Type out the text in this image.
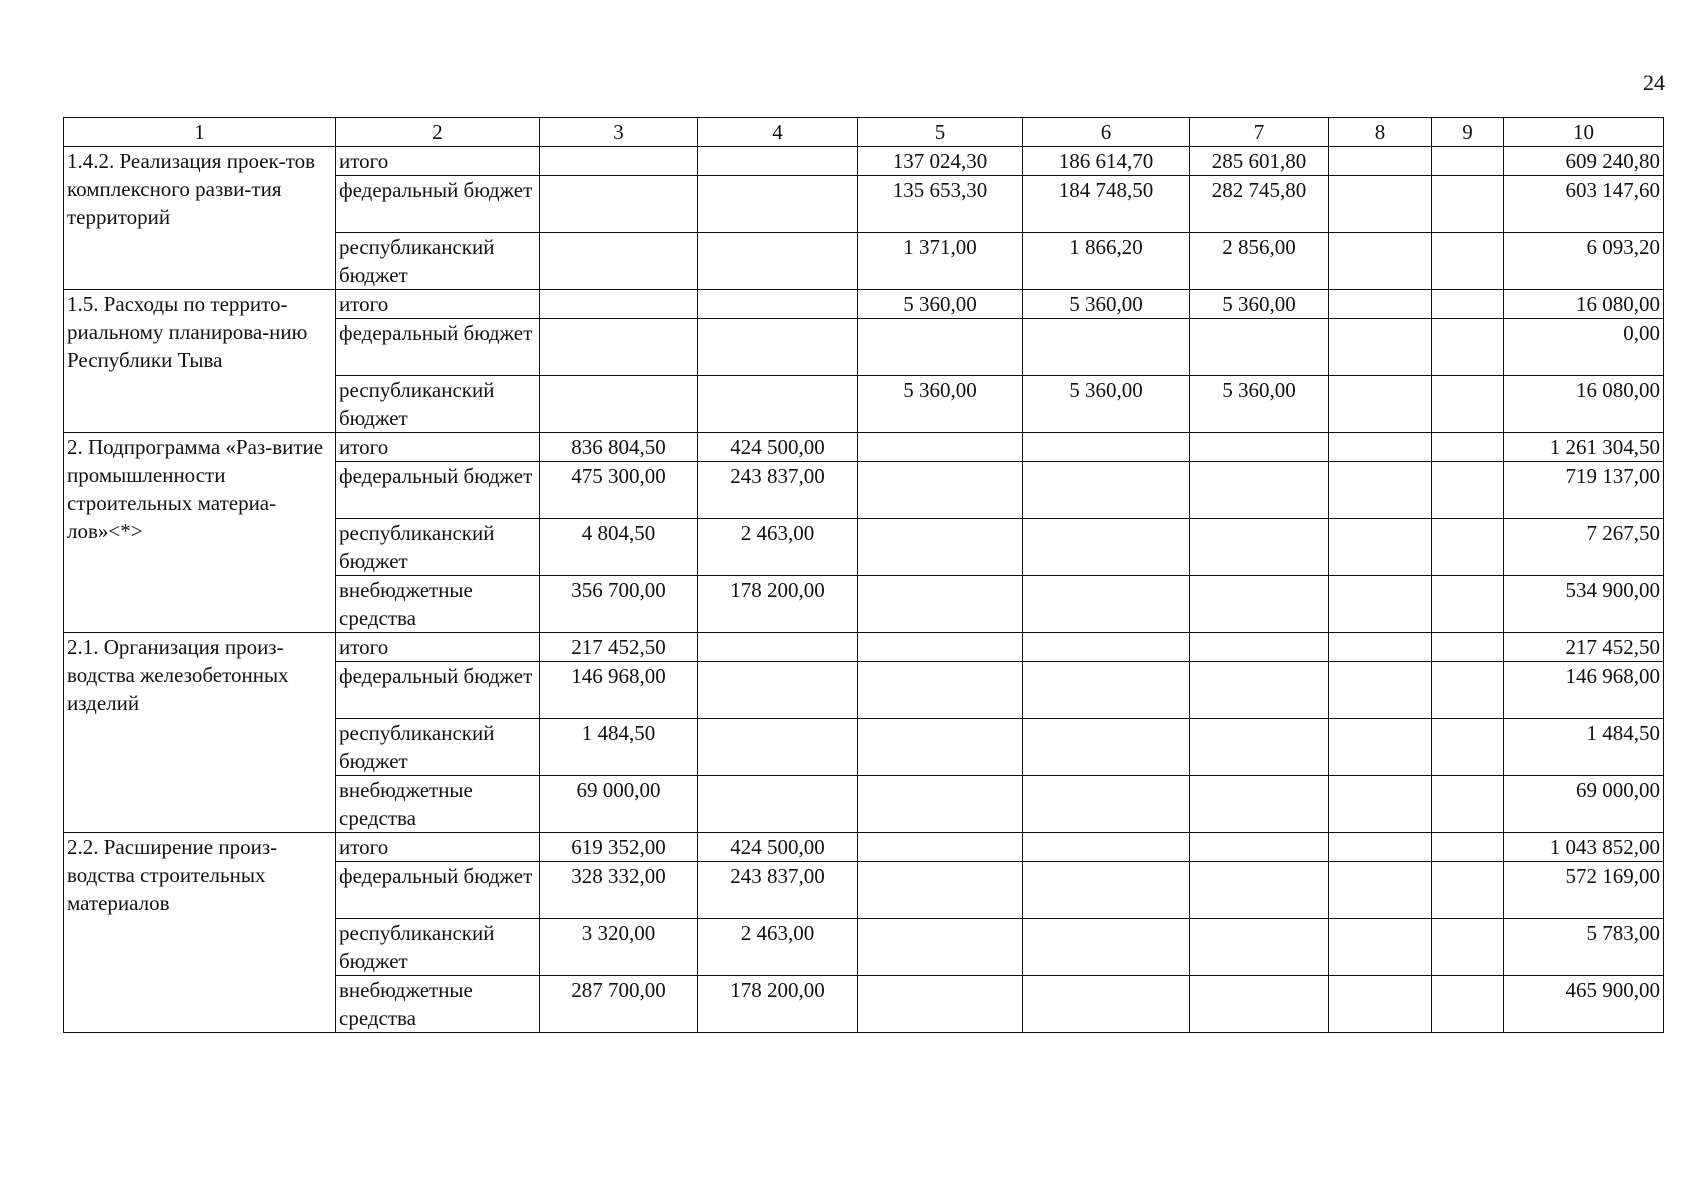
24
1	2	3	4	5	6	7	8	9	10
1.4.2. Реализация проек-тов комплексного разви-тия территорий	итого			137 024,30	186 614,70	285 601,80			609 240,80
	федеральный бюджет			135 653,30	184 748,50	282 745,80			603 147,60
	республиканский бюджет			1 371,00	1 866,20	2 856,00			6 093,20
1.5. Расходы по террито-риальному планирова-нию Республики Тыва	итого			5 360,00	5 360,00	5 360,00			16 080,00
	федеральный бюджет								0,00
	республиканский бюджет			5 360,00	5 360,00	5 360,00			16 080,00
2. Подпрограмма «Раз-витие промышленности строительных материа-лов»<*>	итого	836 804,50	424 500,00						1 261 304,50
	федеральный бюджет	475 300,00	243 837,00						719 137,00
	республиканский бюджет	4 804,50	2 463,00						7 267,50
	внебюджетные средства	356 700,00	178 200,00						534 900,00
2.1. Организация произ-водства железобетонных изделий	итого	217 452,50							217 452,50
	федеральный бюджет	146 968,00							146 968,00
	республиканский бюджет	1 484,50							1 484,50
	внебюджетные средства	69 000,00							69 000,00
2.2. Расширение произ-водства строительных материалов	итого	619 352,00	424 500,00						1 043 852,00
	федеральный бюджет	328 332,00	243 837,00						572 169,00
	республиканский бюджет	3 320,00	2 463,00						5 783,00
	внебюджетные средства	287 700,00	178 200,00						465 900,00
